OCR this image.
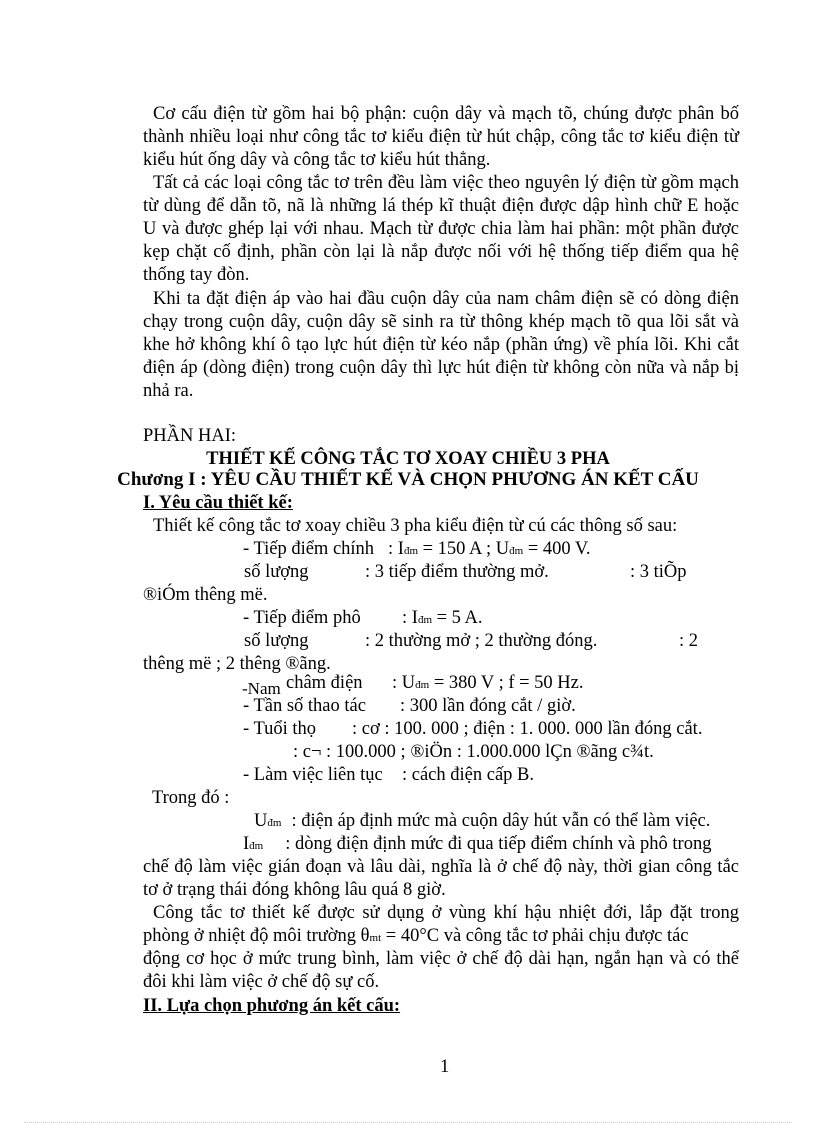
Cơ cấu điện từ gồm hai bộ phận: cuộn dây và mạch tõ, chúng được phân bố
thành nhiều loại như công tắc tơ kiểu điện từ hút chập, công tắc tơ kiểu điện từ
kiểu hút ống dây và công tắc tơ kiểu hút thẳng.
Tất cả các loại công tắc tơ trên đều làm việc theo nguyên lý điện từ gồm mạch
từ dùng để dẫn tõ, nã là những lá thép kĩ thuật điện được dập hình chữ E hoặc
U và được ghép lại với nhau. Mạch từ được chia làm hai phần: một phần được
kẹp chặt cố định, phần còn lại là nắp được nối với hệ thống tiếp điểm qua hệ
thống tay đòn.
Khi ta đặt điện áp vào hai đầu cuộn dây của nam châm điện sẽ có dòng điện
chạy trong cuộn dây, cuộn dây sẽ sinh ra từ thông khép mạch tõ qua lõi sắt và
khe hở không khí ô tạo lực hút điện từ kéo nắp (phần ứng) về phía lõi. Khi cắt
điện áp (dòng điện) trong cuộn dây thì lực hút điện từ không còn nữa và nắp bị
nhả ra.
PHẦN HAI:
THIẾT KẾ CÔNG TẮC TƠ XOAY CHIỀU 3 PHA
Chương I : YÊU CẦU THIẾT KẾ VÀ CHỌN PHƯƠNG ÁN KẾT CẤU
I. Yêu cầu thiết kế:
Thiết kế công tắc tơ xoay chiều 3 pha kiểu điện từ cú các thông số sau:
- Tiếp điểm chính : Iđm = 150 A ; Uđm = 400 V.
số lượng	: 3 tiếp điểm thường mở.	: 3 tiÕp
®iÓm thêng më.
- Tiếp điểm phô : Iđm = 5 A.
số lượng	: 2 thường mở ; 2 thường đóng.	: 2
thêng më ; 2 thêng ®ãng.
-Nam châm điện : Uđm = 380 V ; f = 50 Hz.
- Tần số thao tác : 300 lần đóng cắt / giờ.
- Tuổi thọ : cơ : 100. 000 ; điện : 1. 000. 000 lần đóng cắt.
: c¬ : 100.000 ; ®iÖn : 1.000.000 lÇn ®ãng c¾t.
- Làm việc liên tục : cách điện cấp B.
Trong đó :
Uđm : điện áp định mức mà cuộn dây hút vẫn có thể làm việc.
Iđm : dòng điện định mức đi qua tiếp điểm chính và phô trong
chế độ làm việc gián đoạn và lâu dài, nghĩa là ở chế độ này, thời gian công tắc
tơ ở trạng thái đóng không lâu quá 8 giờ.
Công tắc tơ thiết kế được sử dụng ở vùng khí hậu nhiệt đới, lắp đặt trong
phòng ở nhiệt độ môi trường θmt = 40°C và công tắc tơ phải chịu được tác
động cơ học ở mức trung bình, làm việc ở chế độ dài hạn, ngắn hạn và có thể
đôi khi làm việc ở chế độ sự cố.
II. Lựa chọn phương án kết cấu:
1
